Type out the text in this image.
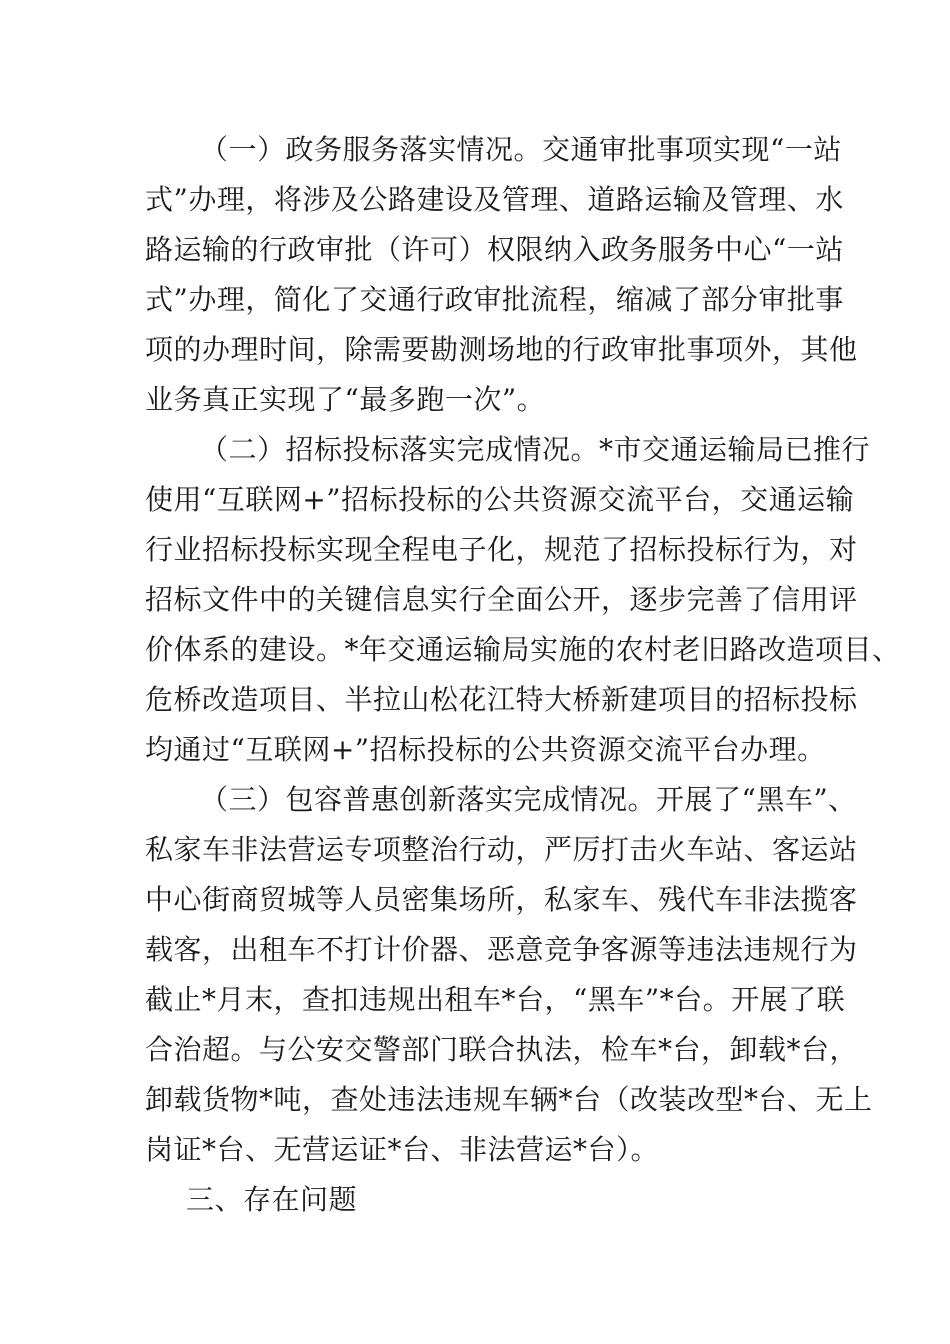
（一）政务服务落实情况。交通审批事项实现“一站

式”办理，将涉及公路建设及管理、道路运输及管理、水

路运输的行政审批（许可）权限纳入政务服务中心“一站

式”办理，简化了交通行政审批流程，缩减了部分审批事

项的办理时间，除需要勘测场地的行政审批事项外，其他

业务真正实现了“最多跑一次”。

（二）招标投标落实完成情况。*市交通运输局已推行

使用“互联网+”招标投标的公共资源交流平台，交通运输

行业招标投标实现全程电子化，规范了招标投标行为，对

招标文件中的关键信息实行全面公开，逐步完善了信用评

价体系的建设。*年交通运输局实施的农村老旧路改造项目、

危桥改造项目、半拉山松花江特大桥新建项目的招标投标

均通过“互联网+”招标投标的公共资源交流平台办理。

（三）包容普惠创新落实完成情况。开展了“黑车”、

私家车非法营运专项整治行动，严厉打击火车站、客运站

中心街商贸城等人员密集场所，私家车、残代车非法揽客

载客，出租车不打计价器、恶意竞争客源等违法违规行为

截止*月末，查扣违规出租车*台，“黑车”*台。开展了联

合治超。与公安交警部门联合执法，检车*台，卸载*台，

卸载货物*吨，查处违法违规车辆*台（改装改型*台、无上

岗证*台、无营运证*台、非法营运*台）。

三、存在问题
